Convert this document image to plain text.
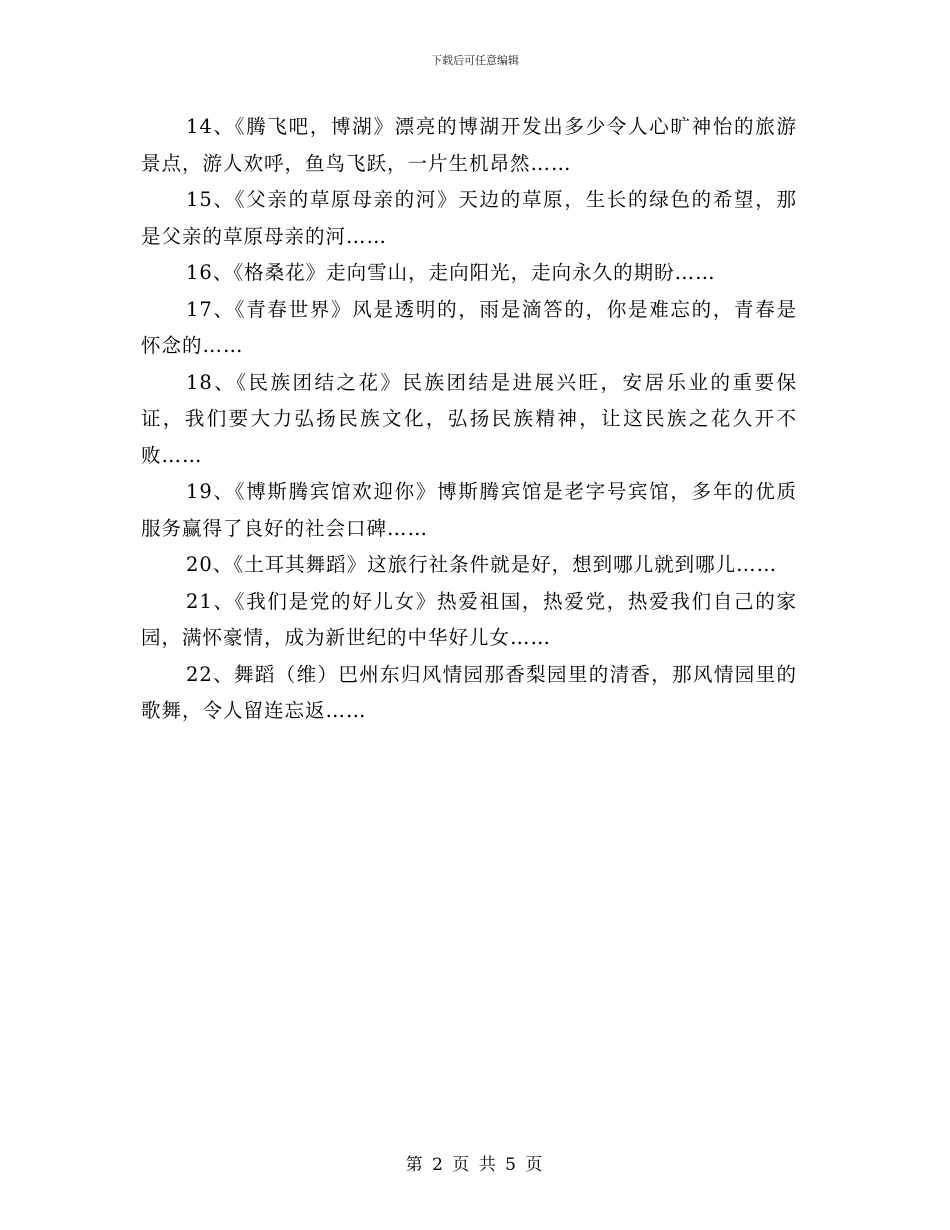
下载后可任意编辑

14、《腾飞吧，博湖》漂亮的博湖开发出多少令人心旷神怡的旅游景点，游人欢呼，鱼鸟飞跃，一片生机昂然……

15、《父亲的草原母亲的河》天边的草原，生长的绿色的希望，那是父亲的草原母亲的河……

16、《格桑花》走向雪山，走向阳光，走向永久的期盼……

17、《青春世界》风是透明的，雨是滴答的，你是难忘的，青春是怀念的……

18、《民族团结之花》民族团结是进展兴旺，安居乐业的重要保证，我们要大力弘扬民族文化，弘扬民族精神，让这民族之花久开不败……

19、《博斯腾宾馆欢迎你》博斯腾宾馆是老字号宾馆，多年的优质服务赢得了良好的社会口碑……

20、《土耳其舞蹈》这旅行社条件就是好，想到哪儿就到哪儿……

21、《我们是党的好儿女》热爱祖国，热爱党，热爱我们自己的家园，满怀豪情，成为新世纪的中华好儿女……

22、舞蹈（维）巴州东归风情园那香梨园里的清香，那风情园里的歌舞，令人留连忘返……

第 2 页 共 5 页
